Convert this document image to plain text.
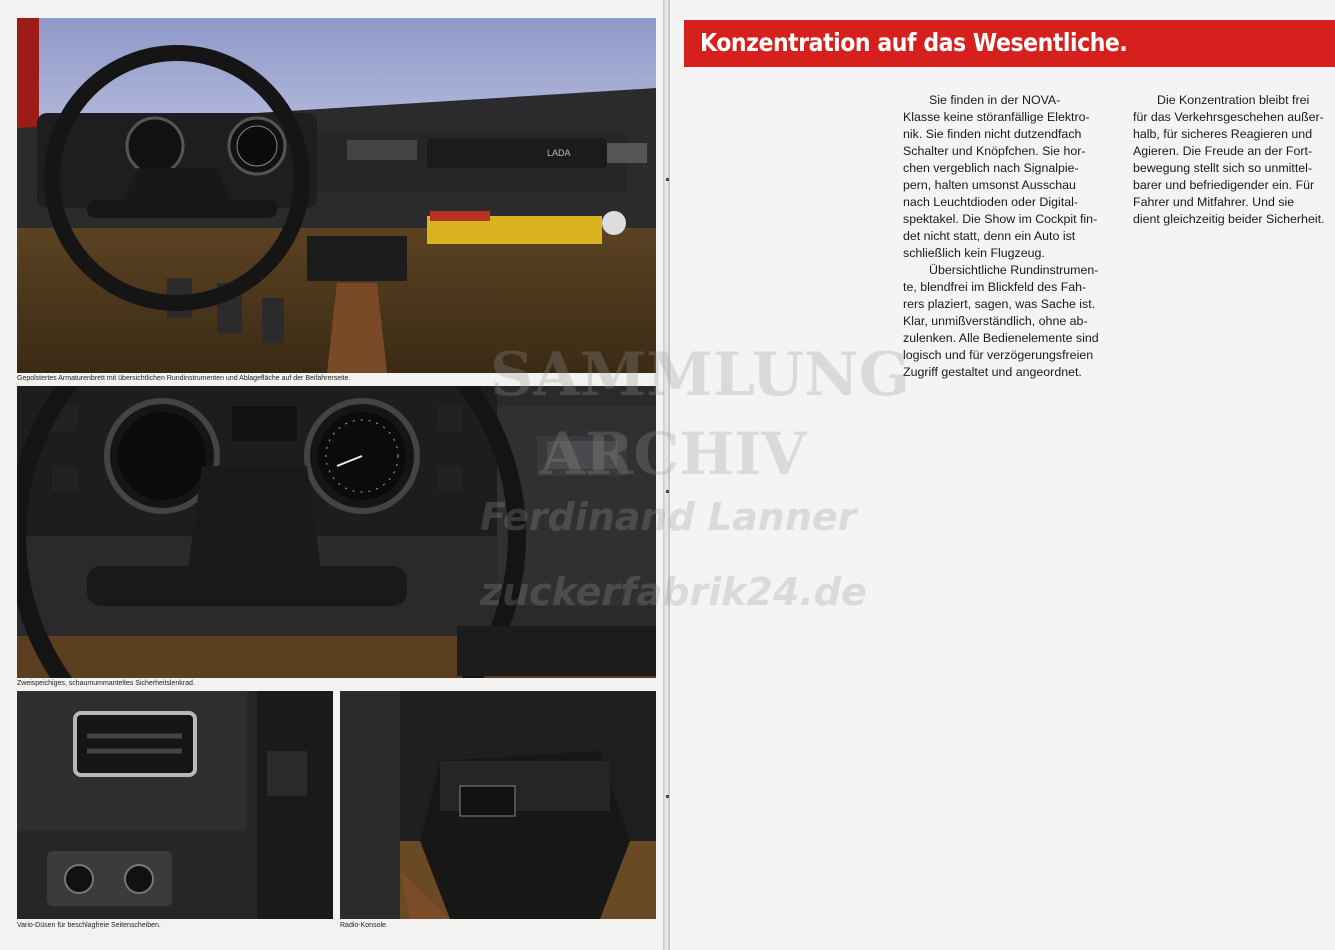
LADA
Gepolstertes Armaturenbrett mit übersichtlichen Rundinstrumenten und Ablagefläche auf der Beifahrerseite.
Zweispeichiges, schaumummanteltes Sicherheitslenkrad.
Vario-Düsen für beschlagfreie Seitenscheiben.	Radio-Konsole.
Konzentration auf das Wesentliche.

Sie finden in der NOVA-

Klasse keine störanfällige Elektro-

nik. Sie finden nicht dutzendfach

Schalter und Knöpfchen. Sie hor-

chen vergeblich nach Signalpie-

pern, halten umsonst Ausschau

nach Leuchtdioden oder Digital-

spektakel. Die Show im Cockpit fin-

det nicht statt, denn ein Auto ist

schließlich kein Flugzeug.

Übersichtliche Rundinstrumen-

te, blendfrei im Blickfeld des Fah-

rers plaziert, sagen, was Sache ist.

Klar, unmißverständlich, ohne ab-

zulenken. Alle Bedienelemente sind

logisch und für verzögerungsfreien

Zugriff gestaltet und angeordnet.

Die Konzentration bleibt frei

für das Verkehrsgeschehen außer-

halb, für sicheres Reagieren und

Agieren. Die Freude an der Fort-

bewegung stellt sich so unmittel-

barer und befriedigender ein. Für

Fahrer und Mitfahrer. Und sie

dient gleichzeitig beider Sicherheit.

SAMMLUNG
ARCHIV
Ferdinand Lanner
zuckerfabrik24.de
